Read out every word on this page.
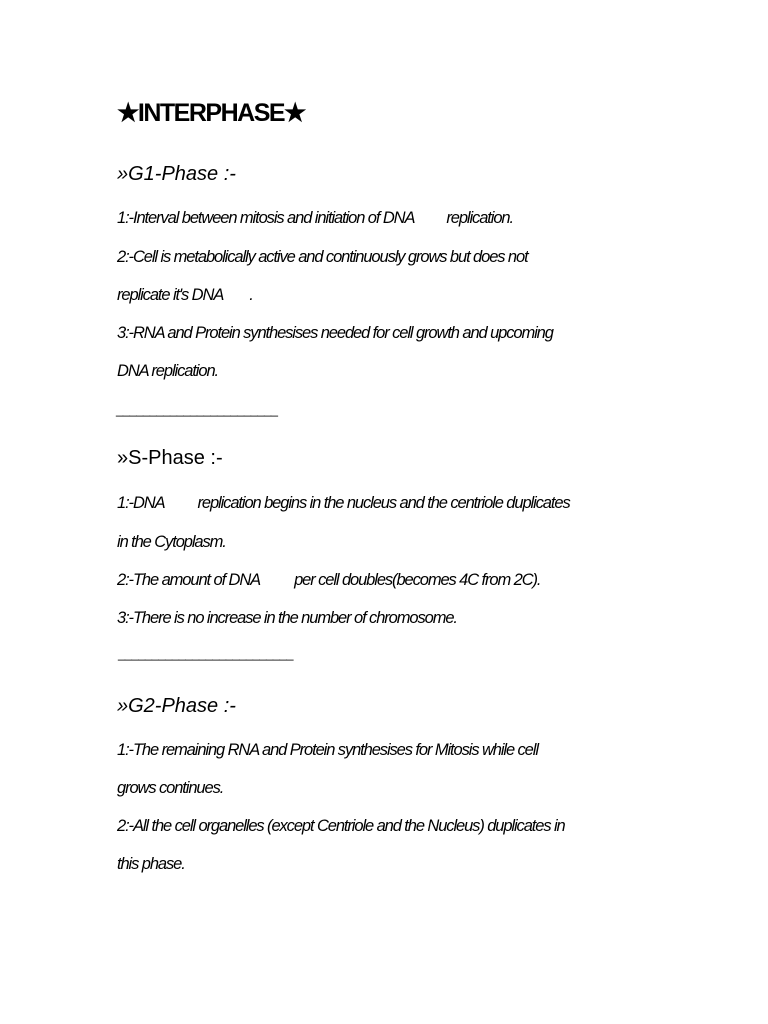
★INTERPHASE★
»G1-Phase :-
1:-Interval between mitosis and initiation of DNA replication.
2:-Cell is metabolically active and continuously grows but does not
replicate it's DNA .
3:-RNA and Protein synthesises needed for cell growth and upcoming
DNA replication.
________________________
»S-Phase :-
1:-DNA replication begins in the nucleus and the centriole duplicates
in the Cytoplasm.
2:-The amount of DNA per cell doubles(becomes 4C from 2C).
3:-There is no increase in the number of chromosome.
__________________________
»G2-Phase :-
1:-The remaining RNA and Protein synthesises for Mitosis while cell
grows continues.
2:-All the cell organelles (except Centriole and the Nucleus) duplicates in
this phase.
